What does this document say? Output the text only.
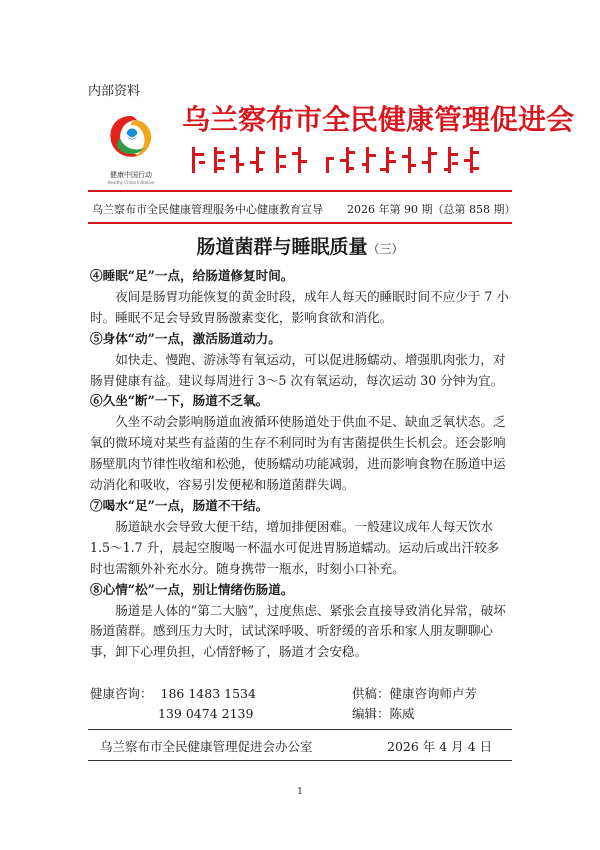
内部资料
健康中国行动
Healthy China Initiative
乌兰察布市全民健康管理促进会
乌兰察布市全民健康管理服务中心健康教育宣导 2026 年第 90 期（总第 858 期）
肠道菌群与睡眠质量（三）

④睡眠“足”一点，给肠道修复时间。

夜间是肠胃功能恢复的黄金时段，成年人每天的睡眠时间不应少于 7 小时。睡眠不足会导致胃肠激素变化，影响食欲和消化。

⑤身体“动”一点，激活肠道动力。

如快走、慢跑、游泳等有氧运动，可以促进肠蠕动、增强肌肉张力，对肠胃健康有益。建议每周进行 3～5 次有氧运动，每次运动 30 分钟为宜。

⑥久坐“断”一下，肠道不乏氧。

久坐不动会影响肠道血液循环使肠道处于供血不足、缺血乏氧状态。乏氧的微环境对某些有益菌的生存不利同时为有害菌提供生长机会。还会影响肠壁肌肉节律性收缩和松弛，使肠蠕动功能减弱，进而影响食物在肠道中运动消化和吸收，容易引发便秘和肠道菌群失调。

⑦喝水“足”一点，肠道不干结。

肠道缺水会导致大便干结，增加排便困难。一般建议成年人每天饮水 1.5～1.7 升，晨起空腹喝一杯温水可促进胃肠道蠕动。运动后或出汗较多时也需额外补充水分。随身携带一瓶水，时刻小口补充。

⑧心情“松”一点，别让情绪伤肠道。

肠道是人体的“第二大脑”，过度焦虑、紧张会直接导致消化异常，破坏肠道菌群。感到压力大时，试试深呼吸、听舒缓的音乐和家人朋友聊聊心事，卸下心理负担，心情舒畅了，肠道才会安稳。

健康咨询： 186 1483 1534
139 0474 2139
供稿：健康咨询师卢芳
编辑：陈威
乌兰察布市全民健康管理促进会办公室	2026 年 4 月 4 日
1
